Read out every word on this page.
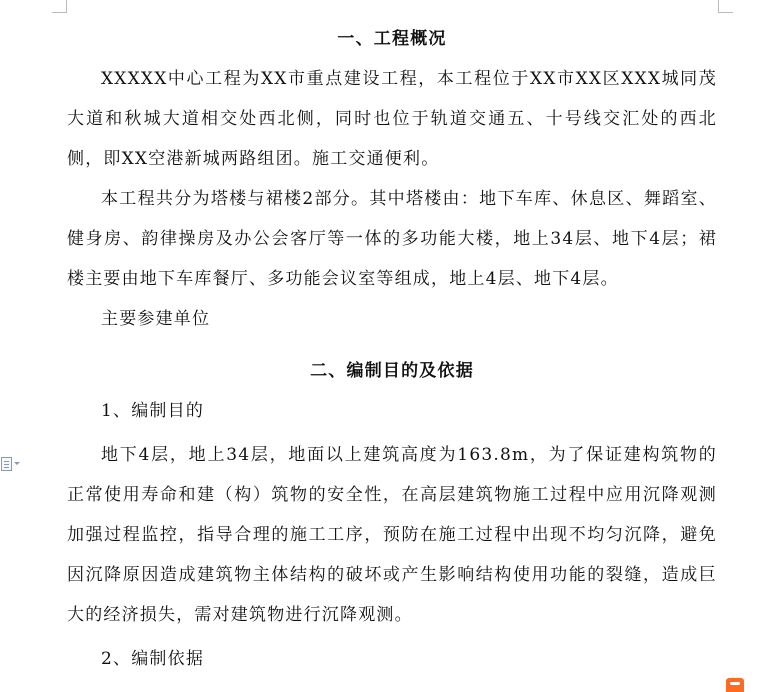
一、工程概况

XXXXX中心工程为XX市重点建设工程，本工程位于XX市XX区XXX城同茂大道和秋城大道相交处西北侧，同时也位于轨道交通五、十号线交汇处的西北侧，即XX空港新城两路组团。施工交通便利。

本工程共分为塔楼与裙楼2部分。其中塔楼由：地下车库、休息区、舞蹈室、健身房、韵律操房及办公会客厅等一体的多功能大楼，地上34层、地下4层；裙楼主要由地下车库餐厅、多功能会议室等组成，地上4层、地下4层。

主要参建单位

二、编制目的及依据

1、编制目的

地下4层，地上34层，地面以上建筑高度为163.8m，为了保证建构筑物的正常使用寿命和建（构）筑物的安全性，在高层建筑物施工过程中应用沉降观测加强过程监控，指导合理的施工工序，预防在施工过程中出现不均匀沉降，避免因沉降原因造成建筑物主体结构的破坏或产生影响结构使用功能的裂缝，造成巨大的经济损失，需对建筑物进行沉降观测。

2、编制依据
